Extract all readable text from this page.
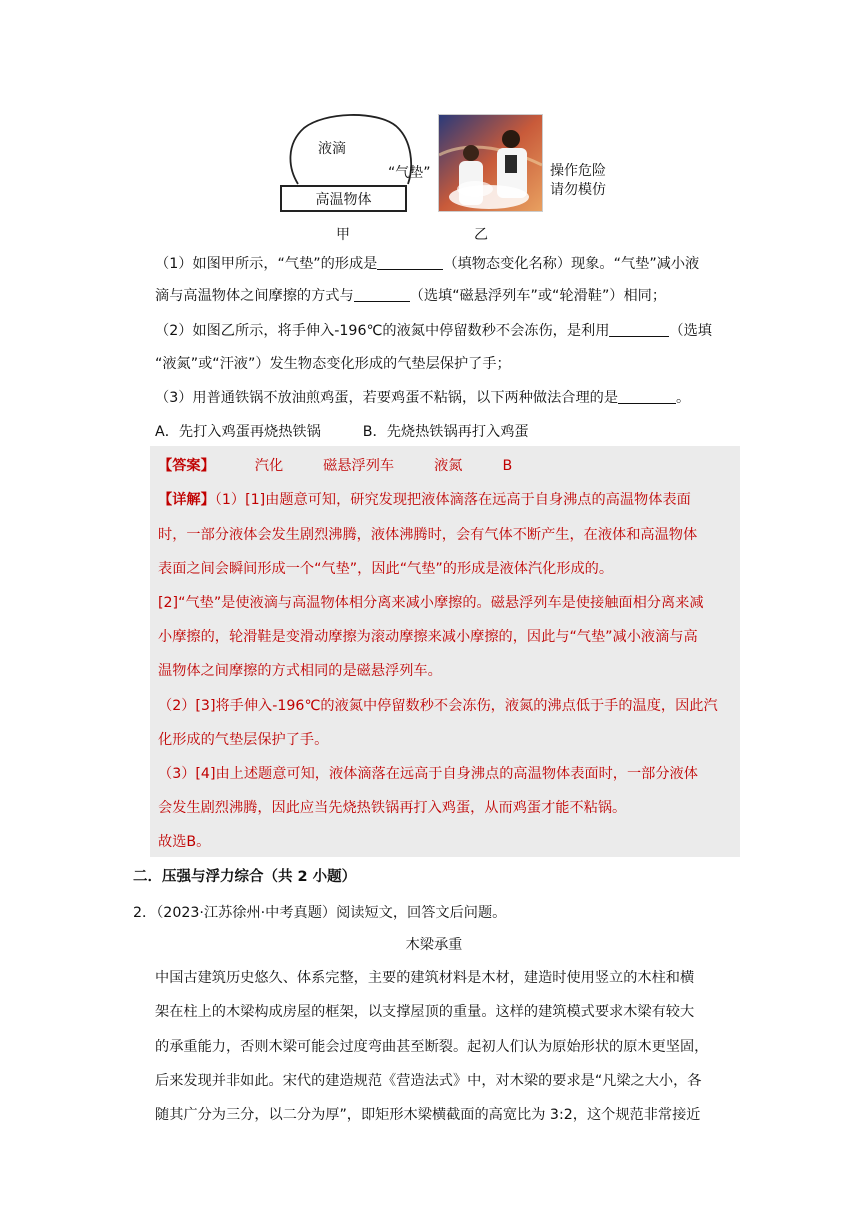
液滴
“气垫”
高温物体
甲	乙
操作危险
请勿模仿
（1）如图甲所示，“气垫”的形成是	（填物态变化名称）现象。“气垫”减小液
滴与高温物体之间摩擦的方式与	（选填“磁悬浮列车”或“轮滑鞋”）相同；
（2）如图乙所示，将手伸入-196℃的液氮中停留数秒不会冻伤，是利用	（选填
“液氮”或“汗液”）发生物态变化形成的气垫层保护了手；
（3）用普通铁锅不放油煎鸡蛋，若要鸡蛋不粘锅，以下两种做法合理的是	。
A．先打入鸡蛋再烧热铁锅	B．先烧热铁锅再打入鸡蛋
【答案】	汽化	磁悬浮列车	液氮	B
【详解】（1）[1]由题意可知，研究发现把液体滴落在远高于自身沸点的高温物体表面
时，一部分液体会发生剧烈沸腾，液体沸腾时，会有气体不断产生，在液体和高温物体
表面之间会瞬间形成一个“气垫”，因此“气垫”的形成是液体汽化形成的。
[2]“气垫”是使液滴与高温物体相分离来减小摩擦的。磁悬浮列车是使接触面相分离来减
小摩擦的，轮滑鞋是变滑动摩擦为滚动摩擦来减小摩擦的，因此与“气垫”减小液滴与高
温物体之间摩擦的方式相同的是磁悬浮列车。
（2）[3]将手伸入-196℃的液氮中停留数秒不会冻伤，液氮的沸点低于手的温度，因此汽
化形成的气垫层保护了手。
（3）[4]由上述题意可知，液体滴落在远高于自身沸点的高温物体表面时，一部分液体
会发生剧烈沸腾，因此应当先烧热铁锅再打入鸡蛋，从而鸡蛋才能不粘锅。
故选B。
二．压强与浮力综合（共 2 小题）
2．（2023·江苏徐州·中考真题）阅读短文，回答文后问题。
木梁承重
中国古建筑历史悠久、体系完整，主要的建筑材料是木材，建造时使用竖立的木柱和横
架在柱上的木梁构成房屋的框架，以支撑屋顶的重量。这样的建筑模式要求木梁有较大
的承重能力，否则木梁可能会过度弯曲甚至断裂。起初人们认为原始形状的原木更坚固，
后来发现并非如此。宋代的建造规范《营造法式》中，对木梁的要求是“凡梁之大小，各
随其广分为三分，以二分为厚”，即矩形木梁横截面的高宽比为 3:2，这个规范非常接近
